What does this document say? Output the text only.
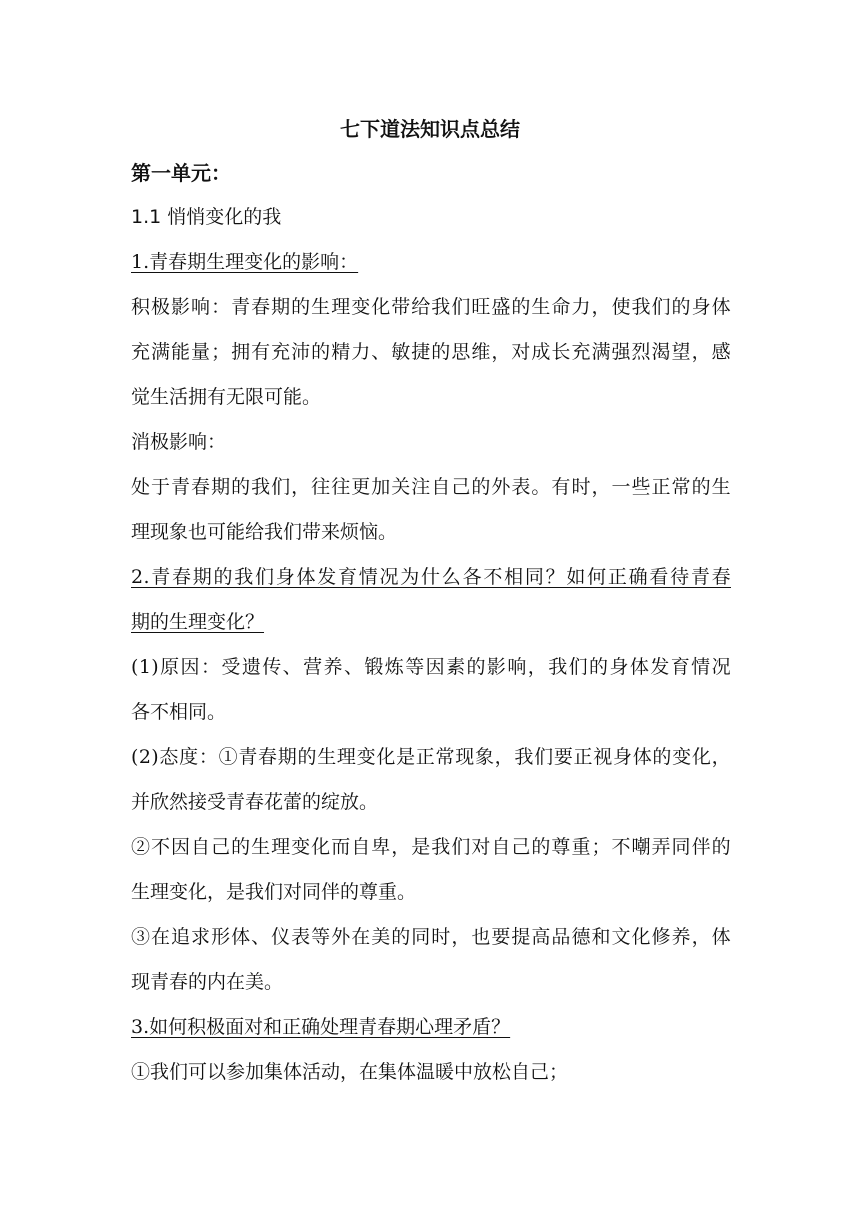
七下道法知识点总结

第一单元：

1.1 悄悄变化的我

1.青春期生理变化的影响：

积极影响：青春期的生理变化带给我们旺盛的生命力，使我们的身体

充满能量；拥有充沛的精力、敏捷的思维，对成长充满强烈渴望，感

觉生活拥有无限可能。

消极影响：

处于青春期的我们，往往更加关注自己的外表。有时，一些正常的生

理现象也可能给我们带来烦恼。

2.青春期的我们身体发育情况为什么各不相同？如何正确看待青春

期的生理变化？

(1)原因：受遗传、营养、锻炼等因素的影响，我们的身体发育情况

各不相同。

(2)态度：①青春期的生理变化是正常现象，我们要正视身体的变化，

并欣然接受青春花蕾的绽放。

②不因自己的生理变化而自卑，是我们对自己的尊重；不嘲弄同伴的

生理变化，是我们对同伴的尊重。

③在追求形体、仪表等外在美的同时，也要提高品德和文化修养，体

现青春的内在美。

3.如何积极面对和正确处理青春期心理矛盾？

①我们可以参加集体活动，在集体温暖中放松自己；
